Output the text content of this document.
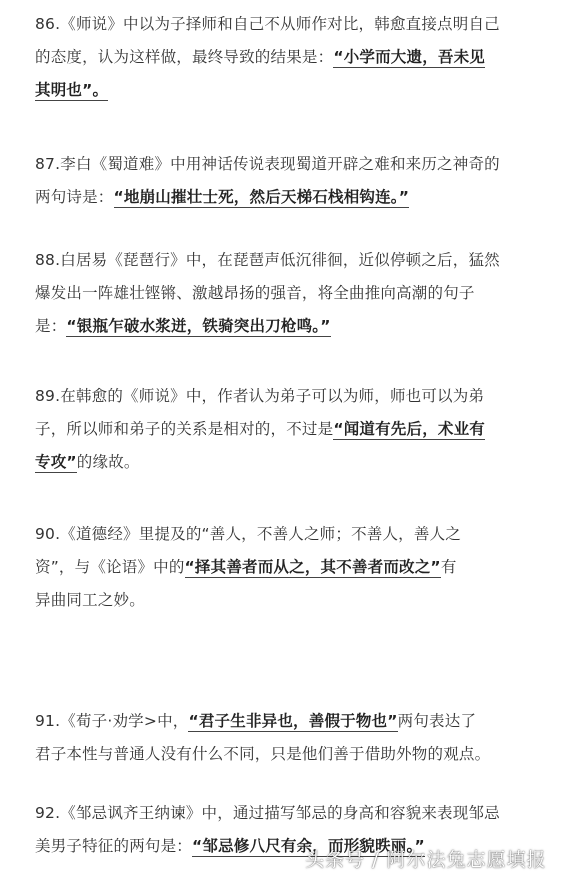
86.《师说》中以为子择师和自己不从师作对比，韩愈直接点明自己
的态度，认为这样做，最终导致的结果是：“小学而大遗，吾未见
其明也”。
87.李白《蜀道难》中用神话传说表现蜀道开辟之难和来历之神奇的
两句诗是：“地崩山摧壮士死，然后天梯石栈相钩连。”
88.白居易《琵琶行》中，在琵琶声低沉徘徊，近似停顿之后，猛然
爆发出一阵雄壮铿锵、激越昂扬的强音，将全曲推向高潮的句子
是：“银瓶乍破水浆迸，铁骑突出刀枪鸣。”
89.在韩愈的《师说》中，作者认为弟子可以为师，师也可以为弟
子，所以师和弟子的关系是相对的，不过是“闻道有先后，术业有
专攻”的缘故。
90.《道德经》里提及的“善人，不善人之师；不善人，善人之
资”，与《论语》中的“择其善者而从之，其不善者而改之”有
异曲同工之妙。
91.《荀子·劝学>中，“君子生非异也，善假于物也”两句表达了
君子本性与普通人没有什么不同，只是他们善于借助外物的观点。
92.《邹忌讽齐王纳谏》中，通过描写邹忌的身高和容貌来表现邹忌
美男子特征的两句是：“邹忌修八尺有余，而形貌昳丽。”
头条号 / 阿尔法兔志愿填报
